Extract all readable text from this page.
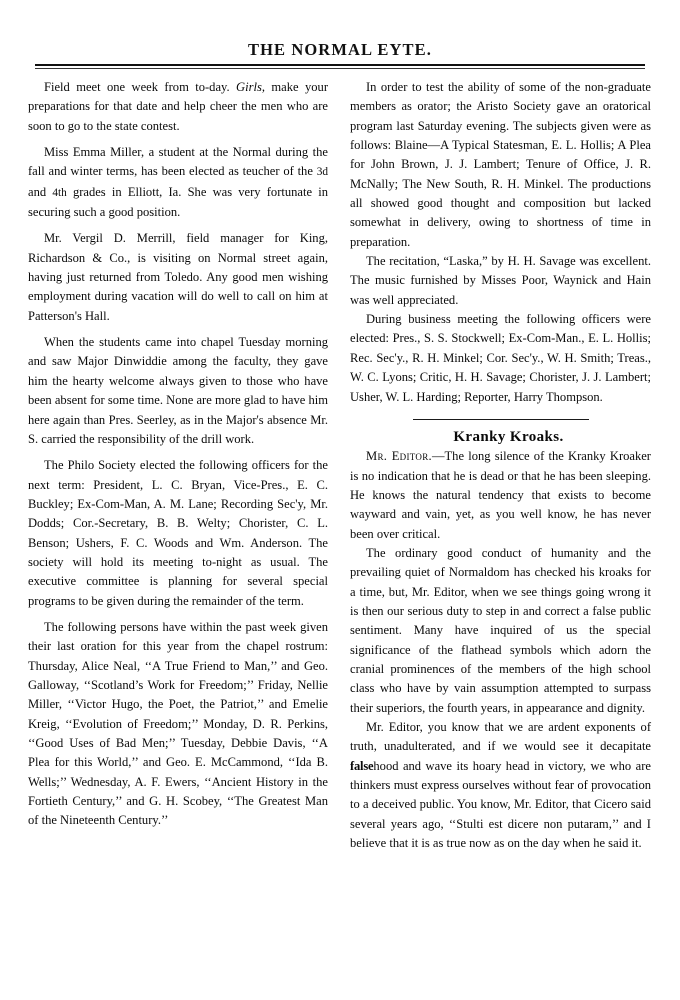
THE NORMAL EYTE.

Field meet one week from to-day. Girls, make your preparations for that date and help cheer the men who are soon to go to the state contest.

Miss Emma Miller, a student at the Normal during the fall and winter terms, has been elected as teucher of the 3d and 4th grades in Elliott, Ia. She was very fortunate in securing such a good position.

Mr. Vergil D. Merrill, field manager for King, Richardson & Co., is visiting on Normal street again, having just returned from Toledo. Any good men wishing employment during vacation will do well to call on him at Patterson's Hall.

When the students came into chapel Tuesday morning and saw Major Dinwiddie among the faculty, they gave him the hearty welcome always given to those who have been absent for some time. None are more glad to have him here again than Pres. Seerley, as in the Major's absence Mr. S. carried the responsibility of the drill work.

The Philo Society elected the following officers for the next term: President, L. C. Bryan, Vice-Pres., E. C. Buckley; Ex-Com-Man, A. M. Lane; Recording Sec'y, Mr. Dodds; Cor.-Secretary, B. B. Welty; Chorister, C. L. Benson; Ushers, F. C. Woods and Wm. Anderson. The society will hold its meeting to-night as usual. The executive committee is planning for several special programs to be given during the remainder of the term.

The following persons have within the past week given their last oration for this year from the chapel rostrum: Thursday, Alice Neal, ‘‘A True Friend to Man,’’ and Geo. Galloway, ‘‘Scotland’s Work for Freedom;’’ Friday, Nellie Miller, ‘‘Victor Hugo, the Poet, the Patriot,’’ and Emelie Kreig, ‘‘Evolution of Freedom;’’ Monday, D. R. Perkins, ‘‘Good Uses of Bad Men;’’ Tuesday, Debbie Davis, ‘‘A Plea for this World,’’ and Geo. E. McCammond, ‘‘Ida B. Wells;’’ Wednesday, A. F. Ewers, ‘‘Ancient History in the Fortieth Century,’’ and G. H. Scobey, ‘‘The Greatest Man of the Nineteenth Century.’’

In order to test the ability of some of the non-graduate members as orator; the Aristo Society gave an oratorical program last Saturday evening. The subjects given were as follows: Blaine—A Typical Statesman, E. L. Hollis; A Plea for John Brown, J. J. Lambert; Tenure of Office, J. R. McNally; The New South, R. H. Minkel. The productions all showed good thought and composition but lacked somewhat in delivery, owing to shortness of time in preparation.

The recitation, “Laska,” by H. H. Savage was excellent. The music furnished by Misses Poor, Waynick and Hain was well appreciated.

During business meeting the following officers were elected: Pres., S. S. Stockwell; Ex-Com-Man., E. L. Hollis; Rec. Sec'y., R. H. Minkel; Cor. Sec'y., W. H. Smith; Treas., W. C. Lyons; Critic, H. H. Savage; Chorister, J. J. Lambert; Usher, W. L. Harding; Reporter, Harry Thompson.

Kranky Kroaks.

Mr. Editor.—The long silence of the Kranky Kroaker is no indication that he is dead or that he has been sleeping. He knows the natural tendency that exists to become wayward and vain, yet, as you well know, he has never been over critical.

The ordinary good conduct of humanity and the prevailing quiet of Normaldom has checked his kroaks for a time, but, Mr. Editor, when we see things going wrong it is then our serious duty to step in and correct a false public sentiment. Many have inquired of us the special significance of the flathead symbols which adorn the cranial prominences of the members of the high school class who have by vain assumption attempted to surpass their superiors, the fourth years, in appearance and dignity.

Mr. Editor, you know that we are ardent exponents of truth, unadulterated, and if we would see it decapitate falsehood and wave its hoary head in victory, we who are thinkers must express ourselves without fear of provocation to a deceived public. You know, Mr. Editor, that Cicero said several years ago, ‘‘Stulti est dicere non putaram,’’ and I believe that it is as true now as on the day when he said it.
